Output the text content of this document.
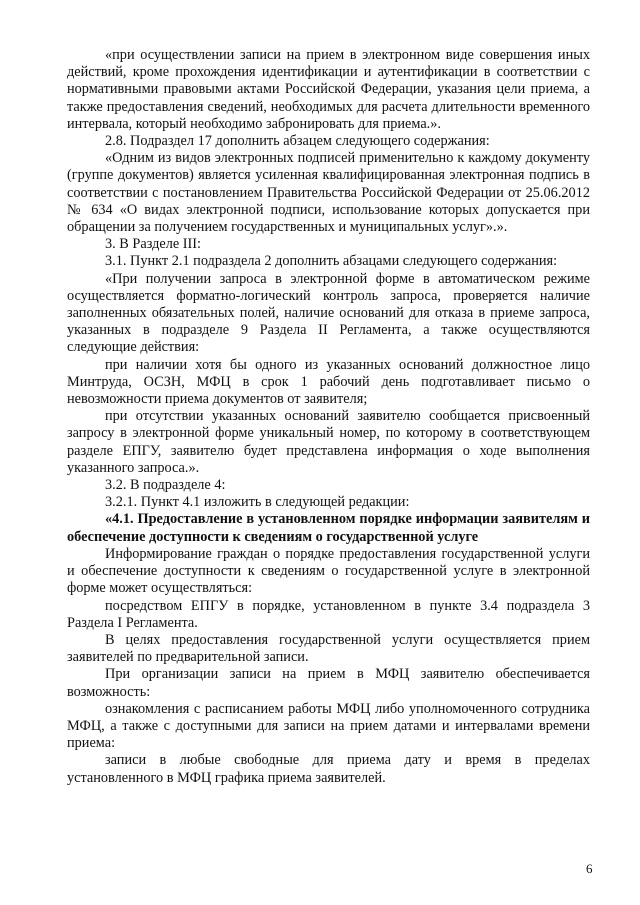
«при осуществлении записи на прием в электронном виде совершения иных действий, кроме прохождения идентификации и аутентификации в соответствии с нормативными правовыми актами Российской Федерации, указания цели приема, а также предоставления сведений, необходимых для расчета длительности временного интервала, который необходимо забронировать для приема.».

2.8. Подраздел 17 дополнить абзацем следующего содержания:

«Одним из видов электронных подписей применительно к каждому документу (группе документов) является усиленная квалифицированная электронная подпись в соответствии с постановлением Правительства Российской Федерации от 25.06.2012 № 634 «О видах электронной подписи, использование которых допускается при обращении за получением государственных и муниципальных услуг».».

3. В Разделе III:

3.1. Пункт 2.1 подраздела 2 дополнить абзацами следующего содержания:

«При получении запроса в электронной форме в автоматическом режиме осуществляется форматно-логический контроль запроса, проверяется наличие заполненных обязательных полей, наличие оснований для отказа в приеме запроса, указанных в подразделе 9 Раздела II Регламента, а также осуществляются следующие действия:

при наличии хотя бы одного из указанных оснований должностное лицо Минтруда, ОСЗН, МФЦ в срок 1 рабочий день подготавливает письмо о невозможности приема документов от заявителя;

при отсутствии указанных оснований заявителю сообщается присвоенный запросу в электронной форме уникальный номер, по которому в соответствующем разделе ЕПГУ, заявителю будет представлена информация о ходе выполнения указанного запроса.».

3.2. В подразделе 4:

3.2.1. Пункт 4.1 изложить в следующей редакции:

«4.1. Предоставление в установленном порядке информации заявителям и обеспечение доступности к сведениям о государственной услуге

Информирование граждан о порядке предоставления государственной услуги и обеспечение доступности к сведениям о государственной услуге в электронной форме может осуществляться:

посредством ЕПГУ в порядке, установленном в пункте 3.4 подраздела 3 Раздела I Регламента.

В целях предоставления государственной услуги осуществляется прием заявителей по предварительной записи.

При организации записи на прием в МФЦ заявителю обеспечивается возможность:

ознакомления с расписанием работы МФЦ либо уполномоченного сотрудника МФЦ, а также с доступными для записи на прием датами и интервалами времени приема:

записи в любые свободные для приема дату и время в пределах установленного в МФЦ графика приема заявителей.

6
